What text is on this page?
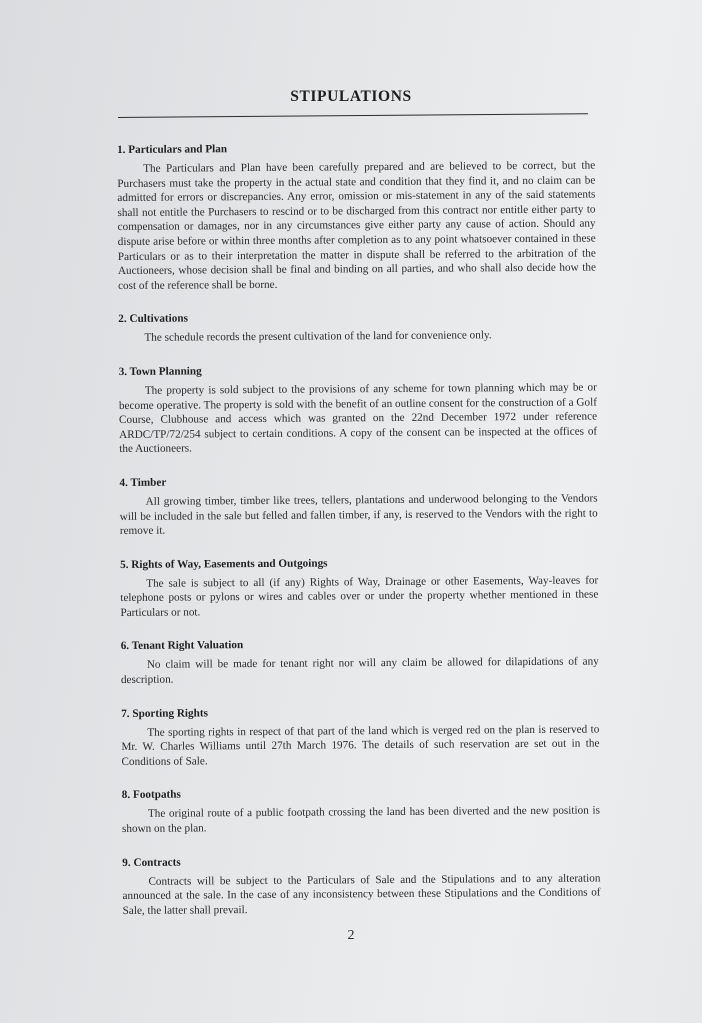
STIPULATIONS
1. Particulars and Plan

The Particulars and Plan have been carefully prepared and are believed to be correct, but the Purchasers must take the property in the actual state and condition that they find it, and no claim can be admitted for errors or discrepancies. Any error, omission or mis-statement in any of the said statements shall not entitle the Purchasers to rescind or to be discharged from this contract nor entitle either party to compensation or damages, nor in any circumstances give either party any cause of action. Should any dispute arise before or within three months after completion as to any point whatsoever contained in these Particulars or as to their interpretation the matter in dispute shall be referred to the arbitration of the Auctioneers, whose decision shall be final and binding on all parties, and who shall also decide how the cost of the reference shall be borne.

2. Cultivations

The schedule records the present cultivation of the land for convenience only.

3. Town Planning

The property is sold subject to the provisions of any scheme for town planning which may be or become operative. The property is sold with the benefit of an outline consent for the construction of a Golf Course, Clubhouse and access which was granted on the 22nd December 1972 under reference ARDC/TP/72/254 subject to certain conditions. A copy of the consent can be inspected at the offices of the Auctioneers.

4. Timber

All growing timber, timber like trees, tellers, plantations and underwood belonging to the Vendors will be included in the sale but felled and fallen timber, if any, is reserved to the Vendors with the right to remove it.

5. Rights of Way, Easements and Outgoings

The sale is subject to all (if any) Rights of Way, Drainage or other Easements, Way-leaves for telephone posts or pylons or wires and cables over or under the property whether mentioned in these Particulars or not.

6. Tenant Right Valuation

No claim will be made for tenant right nor will any claim be allowed for dilapidations of any description.

7. Sporting Rights

The sporting rights in respect of that part of the land which is verged red on the plan is reserved to Mr. W. Charles Williams until 27th March 1976. The details of such reservation are set out in the Conditions of Sale.

8. Footpaths

The original route of a public footpath crossing the land has been diverted and the new position is shown on the plan.

9. Contracts

Contracts will be subject to the Particulars of Sale and the Stipulations and to any alteration announced at the sale. In the case of any inconsistency between these Stipulations and the Conditions of Sale, the latter shall prevail.

2
